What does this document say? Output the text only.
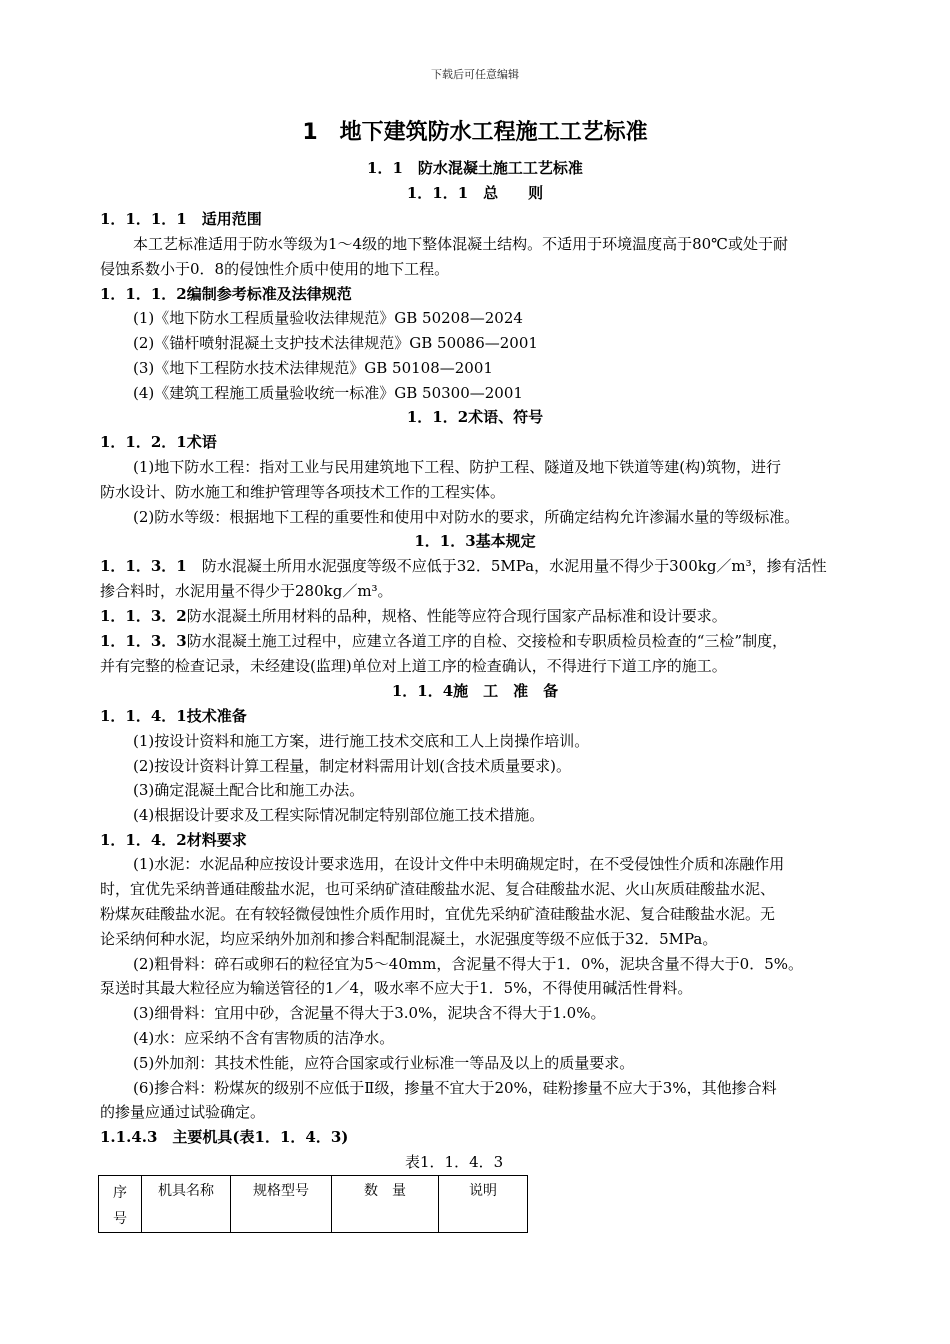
下载后可任意编辑
1　地下建筑防水工程施工工艺标准
1．1　防水混凝土施工工艺标准
1．1．1　总　　则
1．1．1．1　适用范围
本工艺标准适用于防水等级为1～4级的地下整体混凝土结构。不适用于环境温度高于80℃或处于耐
侵蚀系数小于0．8的侵蚀性介质中使用的地下工程。
1．1．1．2编制参考标准及法律规范
(1)《地下防水工程质量验收法律规范》GB 50208—2024
(2)《锚杆喷射混凝土支护技术法律规范》GB 50086—2001
(3)《地下工程防水技术法律规范》GB 50108—2001
(4)《建筑工程施工质量验收统一标准》GB 50300—2001
1．1．2术语、符号
1．1．2．1术语
(1)地下防水工程：指对工业与民用建筑地下工程、防护工程、隧道及地下铁道等建(构)筑物，进行
防水设计、防水施工和维护管理等各项技术工作的工程实体。
(2)防水等级：根据地下工程的重要性和使用中对防水的要求，所确定结构允许渗漏水量的等级标准。
1．1．3基本规定
1．1．3．1　防水混凝土所用水泥强度等级不应低于32．5MPa，水泥用量不得少于300kg／m³，掺有活性
掺合料时，水泥用量不得少于280kg／m³。
1．1．3．2防水混凝土所用材料的品种，规格、性能等应符合现行国家产品标准和设计要求。
1．1．3．3防水混凝土施工过程中，应建立各道工序的自检、交接检和专职质检员检查的“三检”制度，
并有完整的检查记录，未经建设(监理)单位对上道工序的检查确认，不得进行下道工序的施工。
1．1．4施　工　准　备
1．1．4．1技术准备
(1)按设计资料和施工方案，进行施工技术交底和工人上岗操作培训。
(2)按设计资料计算工程量，制定材料需用计划(含技术质量要求)。
(3)确定混凝土配合比和施工办法。
(4)根据设计要求及工程实际情况制定特别部位施工技术措施。
1．1．4．2材料要求
(1)水泥：水泥品种应按设计要求选用，在设计文件中未明确规定时，在不受侵蚀性介质和冻融作用
时，宜优先采纳普通硅酸盐水泥，也可采纳矿渣硅酸盐水泥、复合硅酸盐水泥、火山灰质硅酸盐水泥、
粉煤灰硅酸盐水泥。在有较轻微侵蚀性介质作用时，宜优先采纳矿渣硅酸盐水泥、复合硅酸盐水泥。无
论采纳何种水泥，均应采纳外加剂和掺合料配制混凝土，水泥强度等级不应低于32．5MPa。
(2)粗骨料：碎石或卵石的粒径宜为5～40mm，含泥量不得大于1．0%，泥块含量不得大于0．5%。
泵送时其最大粒径应为输送管径的1／4，吸水率不应大于1．5%，不得使用碱活性骨料。
(3)细骨料：宜用中砂，含泥量不得大于3.0%，泥块含不得大于1.0%。
(4)水：应采纳不含有害物质的洁净水。
(5)外加剂：其技术性能，应符合国家或行业标准一等品及以上的质量要求。
(6)掺合料：粉煤灰的级别不应低于Ⅱ级，掺量不宜大于20%，硅粉掺量不应大于3%，其他掺合料
的掺量应通过试验确定。
1.1.4.3　主要机具(表1．1．4．3)
表1．1．4．3
序
号	机具名称	规格型号	数　量	说明
